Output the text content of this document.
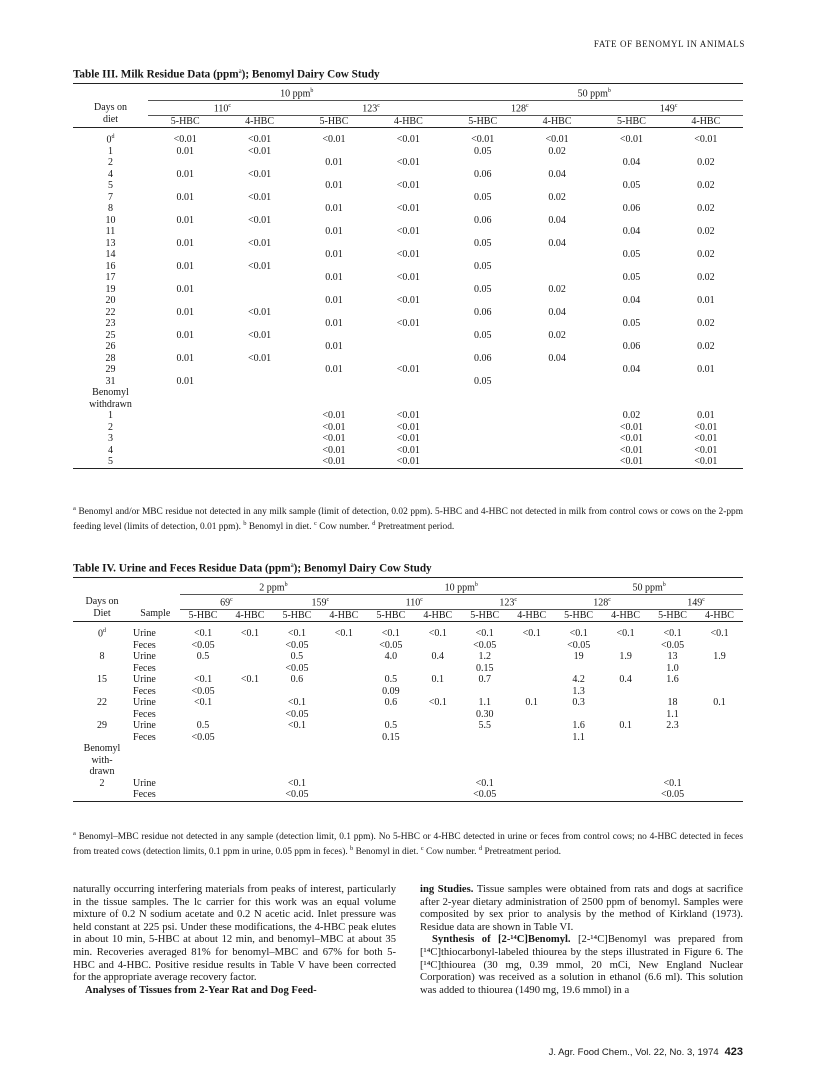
FATE OF BENOMYL IN ANIMALS
Table III. Milk Residue Data (ppm$^a$); Benomyl Dairy Cow Study
Days on
diet	10 ppm$^b$				50 ppm$^b$
	110$^c$		123$^c$		128$^c$		149$^c$
	5-HBC	4-HBC	5-HBC	4-HBC	5-HBC	4-HBC	5-HBC	4-HBC
$0^d$	<0.01	<0.01	<0.01	<0.01	<0.01	<0.01	<0.01	<0.01
1	0.01	<0.01			0.05	0.02		
2			0.01	<0.01			0.04	0.02
4	0.01	<0.01			0.06	0.04		
5			0.01	<0.01			0.05	0.02
7	0.01	<0.01			0.05	0.02		
8			0.01	<0.01			0.06	0.02
10	0.01	<0.01			0.06	0.04		
11			0.01	<0.01			0.04	0.02
13	0.01	<0.01			0.05	0.04		
14			0.01	<0.01			0.05	0.02
16	0.01	<0.01			0.05			
17			0.01	<0.01			0.05	0.02
19	0.01				0.05	0.02		
20			0.01	<0.01			0.04	0.01
22	0.01	<0.01			0.06	0.04		
23			0.01	<0.01			0.05	0.02
25	0.01	<0.01			0.05	0.02		
26			0.01				0.06	0.02
28	0.01	<0.01			0.06	0.04		
29			0.01	<0.01			0.04	0.01
31	0.01				0.05			
Benomyl								
withdrawn								
1			<0.01	<0.01			0.02	0.01
2			<0.01	<0.01			<0.01	<0.01
3			<0.01	<0.01			<0.01	<0.01
4			<0.01	<0.01			<0.01	<0.01
5			<0.01	<0.01			<0.01	<0.01

$^a$ Benomyl and/or MBC residue not detected in any milk sample (limit of detection, 0.02 ppm). 5-HBC and 4-HBC not detected in milk from control cows or cows on the 2-ppm feeding level (limits of detection, 0.01 ppm). $^b$ Benomyl in diet. $^c$ Cow number. $^d$ Pretreatment period.
Table IV. Urine and Feces Residue Data (ppm$^a$); Benomyl Dairy Cow Study
Days on
Diet	Sample	2 ppm$^b$				10 ppm$^b$				50 ppm$^b$
		69$^c$		159$^c$		110$^c$		123$^c$		128$^c$		149$^c$
		5-HBC	4-HBC	5-HBC	4-HBC	5-HBC	4-HBC	5-HBC	4-HBC	5-HBC	4-HBC	5-HBC	4-HBC
0$^d$	Urine	<0.1	<0.1	<0.1	<0.1	<0.1	<0.1	<0.1	<0.1	<0.1	<0.1	<0.1	<0.1
	Feces	<0.05		<0.05		<0.05		<0.05		<0.05		<0.05	
8	Urine	0.5		0.5		4.0	0.4	1.2		19	1.9	13	1.9
	Feces			<0.05				0.15				1.0	
15	Urine	<0.1	<0.1	0.6		0.5	0.1	0.7		4.2	0.4	1.6	
	Feces	<0.05				0.09				1.3			
22	Urine	<0.1		<0.1		0.6	<0.1	1.1	0.1	0.3		18	0.1
	Feces			<0.05				0.30				1.1	
29	Urine	0.5		<0.1		0.5		5.5		1.6	0.1	2.3	
	Feces	<0.05				0.15				1.1			
Benomyl													
with-													
drawn													
2	Urine			<0.1				<0.1				<0.1	
	Feces			<0.05				<0.05				<0.05	

$^a$ Benomyl–MBC residue not detected in any sample (detection limit, 0.1 ppm). No 5-HBC or 4-HBC detected in urine or feces from control cows; no 4-HBC detected in feces from treated cows (detection limits, 0.1 ppm in urine, 0.05 ppm in feces). $^b$ Benomyl in diet. $^c$ Cow number. $^d$ Pretreatment period.
naturally occurring interfering materials from peaks of interest, particularly in the tissue samples. The lc carrier for this work was an equal volume mixture of 0.2 N sodium acetate and 0.2 N acetic acid. Inlet pressure was held constant at 225 psi. Under these modifications, the 4-HBC peak elutes in about 10 min, 5-HBC at about 12 min, and benomyl–MBC at about 35 min. Recoveries averaged 81% for benomyl–MBC and 67% for both 5-HBC and 4-HBC. Positive residue results in Table V have been corrected for the appropriate average recovery factor.
Analyses of Tissues from 2-Year Rat and Dog Feed-
ing Studies. Tissue samples were obtained from rats and dogs at sacrifice after 2-year dietary administration of 2500 ppm of benomyl. Samples were composited by sex prior to analysis by the method of Kirkland (1973). Residue data are shown in Table VI.
Synthesis of [2-¹⁴C]Benomyl. [2-¹⁴C]Benomyl was prepared from [¹⁴C]thiocarbonyl-labeled thiourea by the steps illustrated in Figure 6. The [¹⁴C]thiourea (30 mg, 0.39 mmol, 20 mCi, New England Nuclear Corporation) was received as a solution in ethanol (6.6 ml). This solution was added to thiourea (1490 mg, 19.6 mmol) in a
J. Agr. Food Chem., Vol. 22, No. 3, 1974 423
